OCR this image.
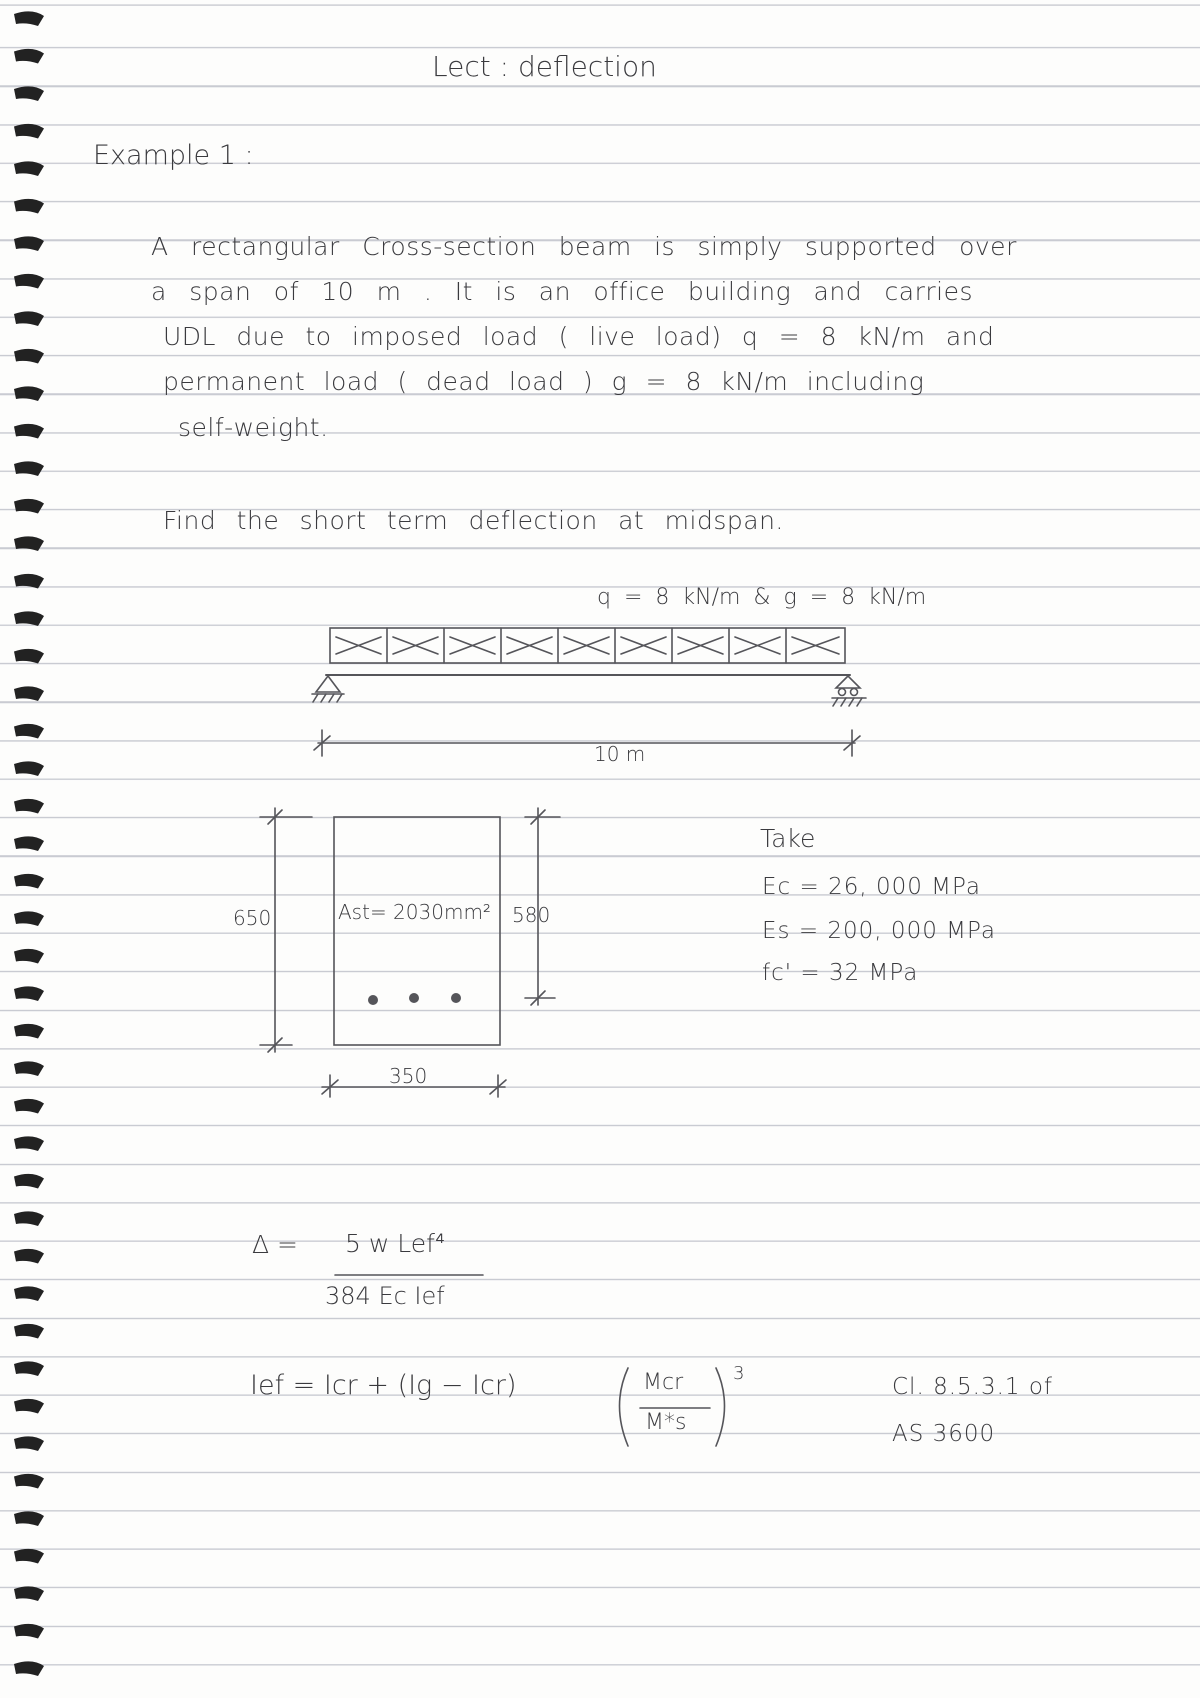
Lect : deflection
Example 1 :
A rectangular Cross-section beam is simply supported over
a span of 10 m . It is an office building and carries
UDL due to imposed load ( live load) q = 8 kN/m and
permanent load ( dead load ) g = 8 kN/m including
self-weight.
Find the short term deflection at midspan.
q = 8 kN/m & g = 8 kN/m
10 m
650	580
350
Ast= 2030mm²
Take
Ec = 26, 000 MPa
Es = 200, 000 MPa
fc' = 32 MPa
Δ = 5 w Lef⁴
384 Ec Ief
Ief = Icr + (Ig − Icr)	Mcr
M*s
3
Cl. 8.5.3.1 of
AS 3600
